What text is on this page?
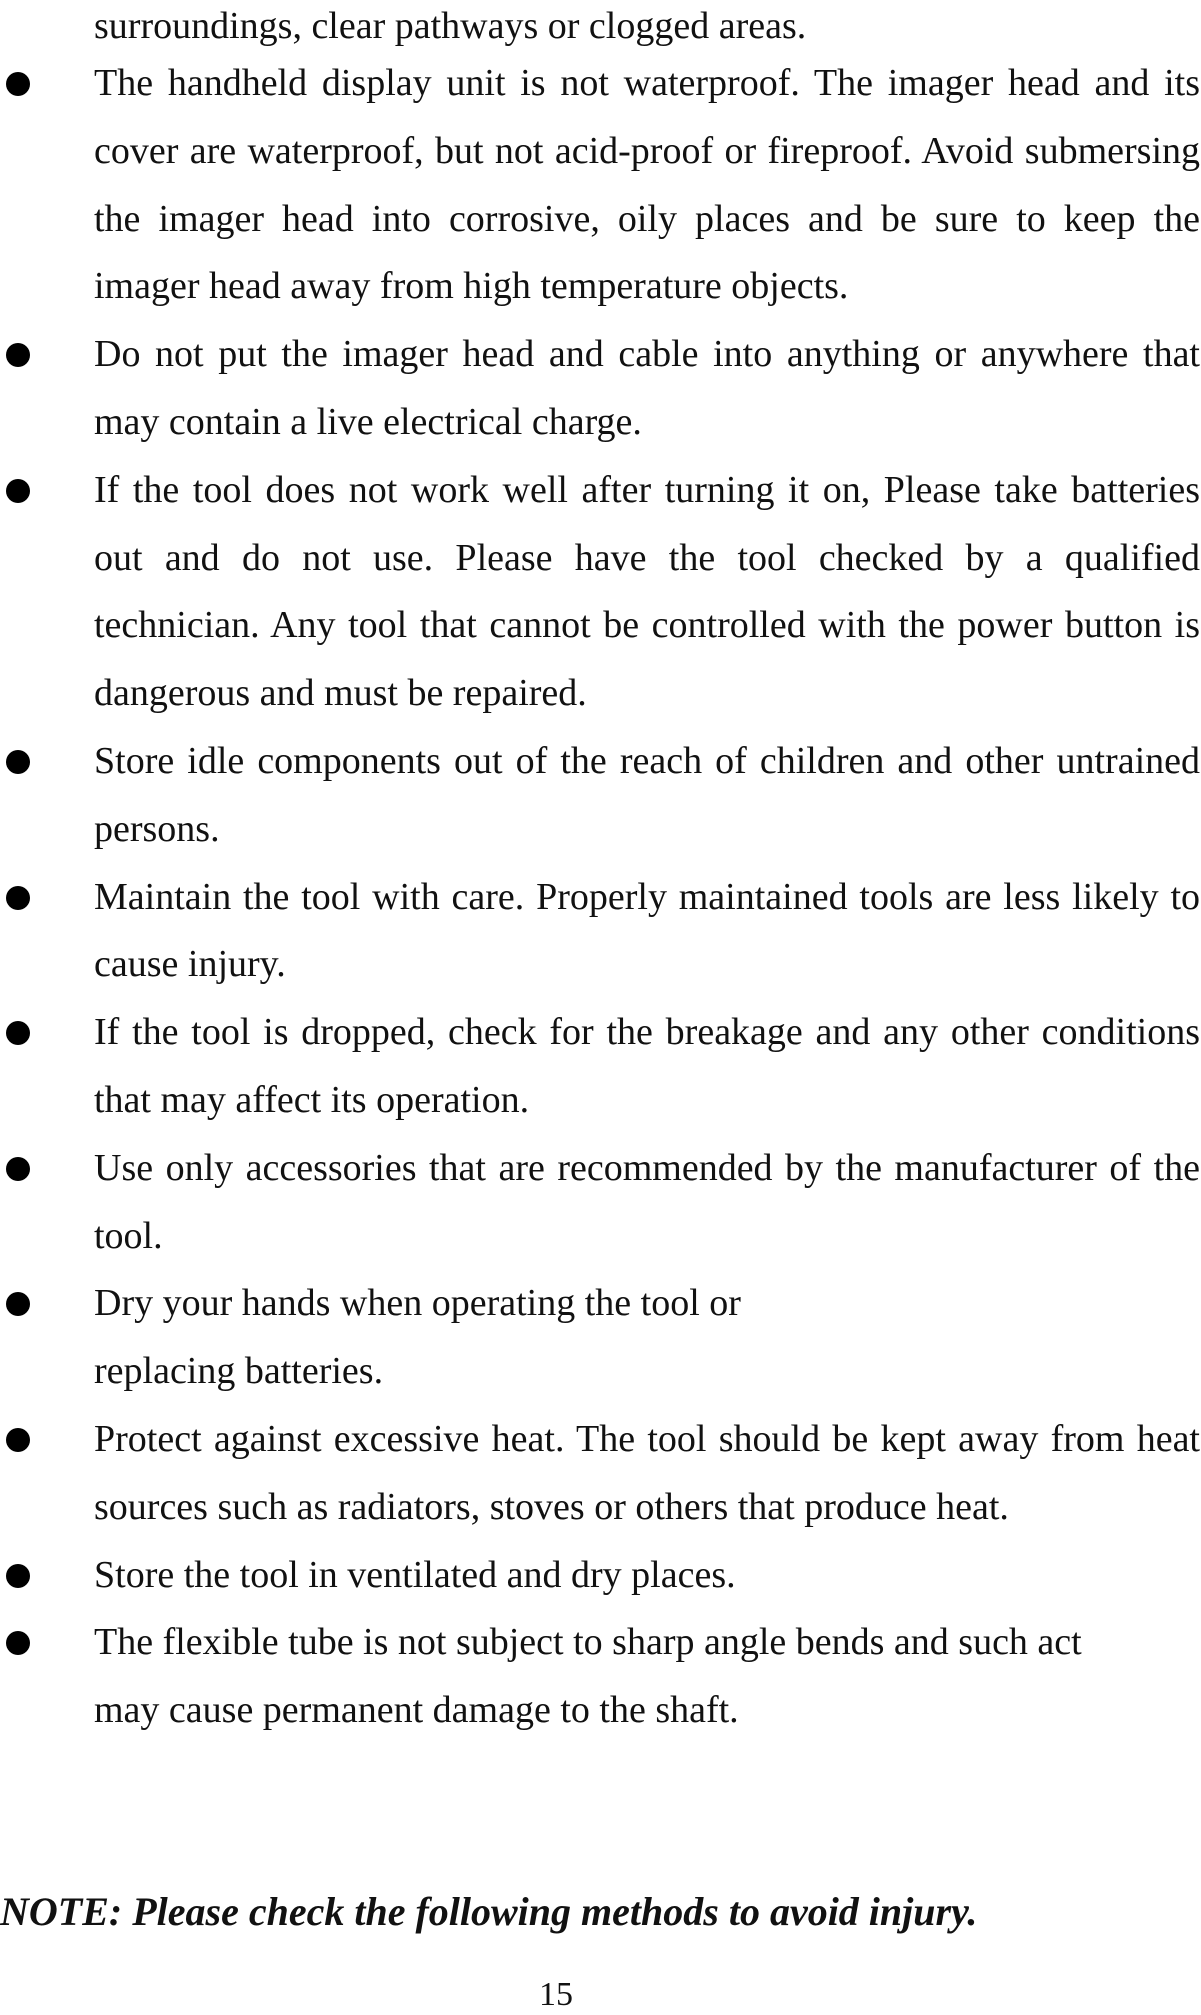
surroundings, clear pathways or clogged areas.

The handheld display unit is not waterproof. The imager head and its cover are waterproof, but not acid-proof or fireproof. Avoid submersing the imager head into corrosive, oily places and be sure to keep the imager head away from high temperature objects.
Do not put the imager head and cable into anything or anywhere that may contain a live electrical charge.
If the tool does not work well after turning it on, Please take batteries out and do not use. Please have the tool checked by a qualified technician. Any tool that cannot be controlled with the power button is dangerous and must be repaired.
Store idle components out of the reach of children and other untrained persons.
Maintain the tool with care. Properly maintained tools are less likely to cause injury.
If the tool is dropped, check for the breakage and any other conditions that may affect its operation.
Use only accessories that are recommended by the manufacturer of the tool.
Dry your hands when operating the tool or replacing batteries.
Protect against excessive heat. The tool should be kept away from heat sources such as radiators, stoves or others that produce heat.
Store the tool in ventilated and dry places.
The flexible tube is not subject to sharp angle bends and such act may cause permanent damage to the shaft.

NOTE: Please check the following methods to avoid injury.

15
